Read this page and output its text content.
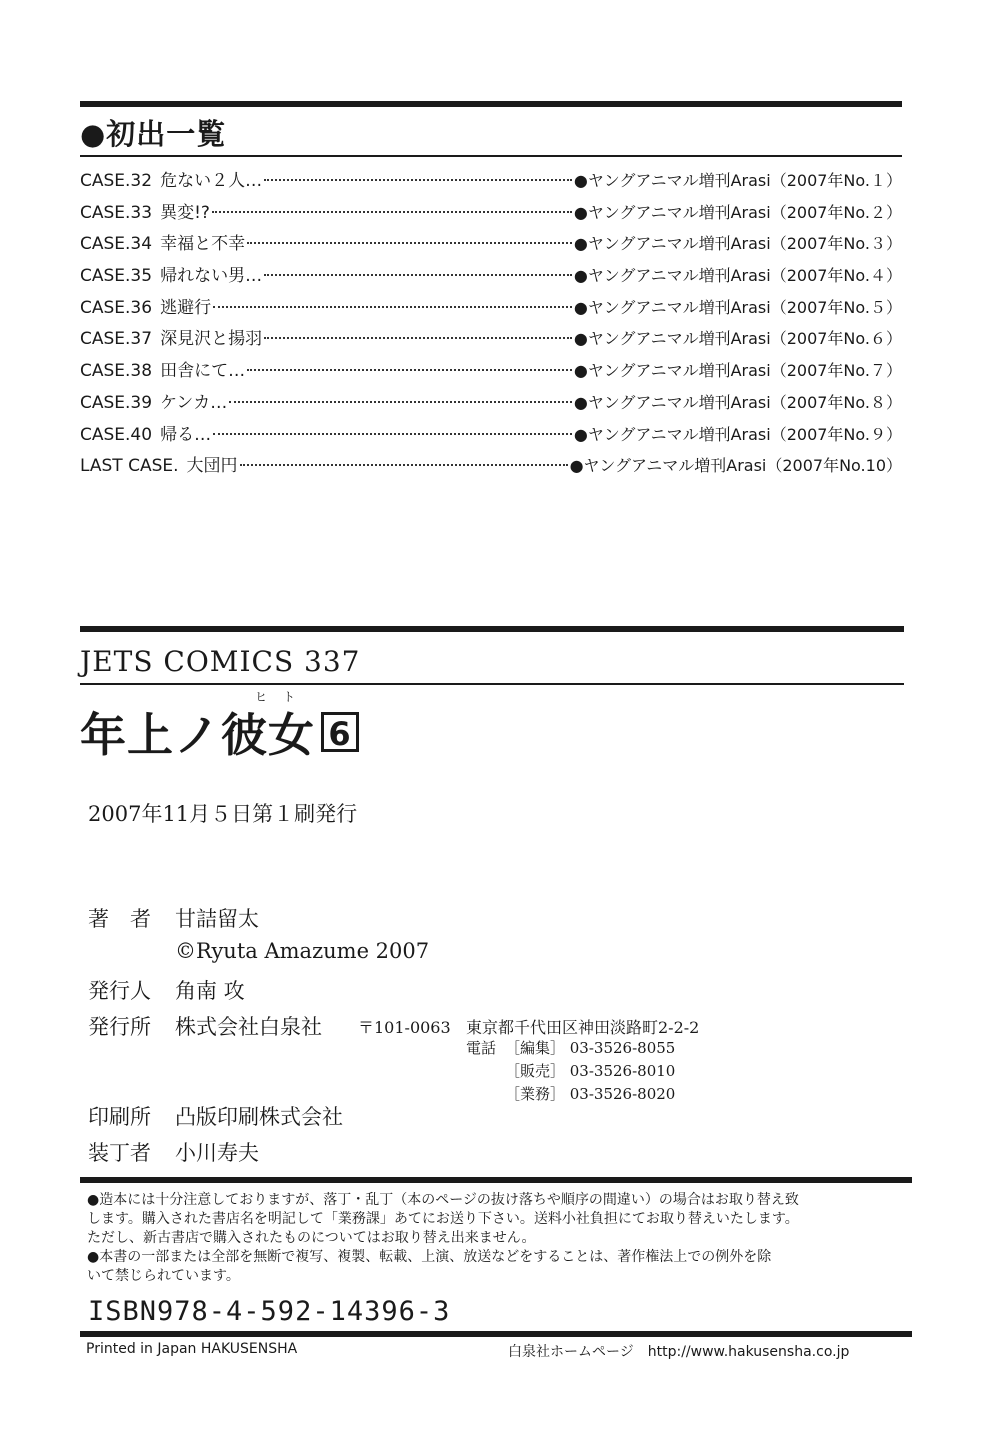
●初出一覧
CASE.32 危ない２人…	●ヤングアニマル増刊Arasi（2007年No.１）
CASE.33 異変!?	●ヤングアニマル増刊Arasi（2007年No.２）
CASE.34 幸福と不幸	●ヤングアニマル増刊Arasi（2007年No.３）
CASE.35 帰れない男…	●ヤングアニマル増刊Arasi（2007年No.４）
CASE.36 逃避行	●ヤングアニマル増刊Arasi（2007年No.５）
CASE.37 深見沢と揚羽	●ヤングアニマル増刊Arasi（2007年No.６）
CASE.38 田舎にて…	●ヤングアニマル増刊Arasi（2007年No.７）
CASE.39 ケンカ…	●ヤングアニマル増刊Arasi（2007年No.８）
CASE.40 帰る…	●ヤングアニマル増刊Arasi（2007年No.９）
LAST CASE. 大団円	●ヤングアニマル増刊Arasi（2007年No.10）
JETS COMICS 337
ヒト
年上ノ彼女 6
2007年11月５日第１刷発行
著　者 甘詰留太
©Ryuta Amazume 2007
発行人 角南 攻
発行所 株式会社白泉社 〒101-0063 東京都千代田区神田淡路町2-2-2
電話 ［編集］ 03-3526-8055
［販売］ 03-3526-8010
［業務］ 03-3526-8020
印刷所 凸版印刷株式会社
装丁者 小川寿夫

●造本には十分注意しておりますが、落丁・乱丁（本のページの抜け落ちや順序の間違い）の場合はお取り替え致

します。購入された書店名を明記して「業務課」あてにお送り下さい。送料小社負担にてお取り替えいたします。

ただし、新古書店で購入されたものについてはお取り替え出来ません。

●本書の一部または全部を無断で複写、複製、転載、上演、放送などをすることは、著作権法上での例外を除

いて禁じられています。

ISBN978-4-592-14396-3
Printed in Japan HAKUSENSHA	白泉社ホームページ http://www.hakusensha.co.jp
